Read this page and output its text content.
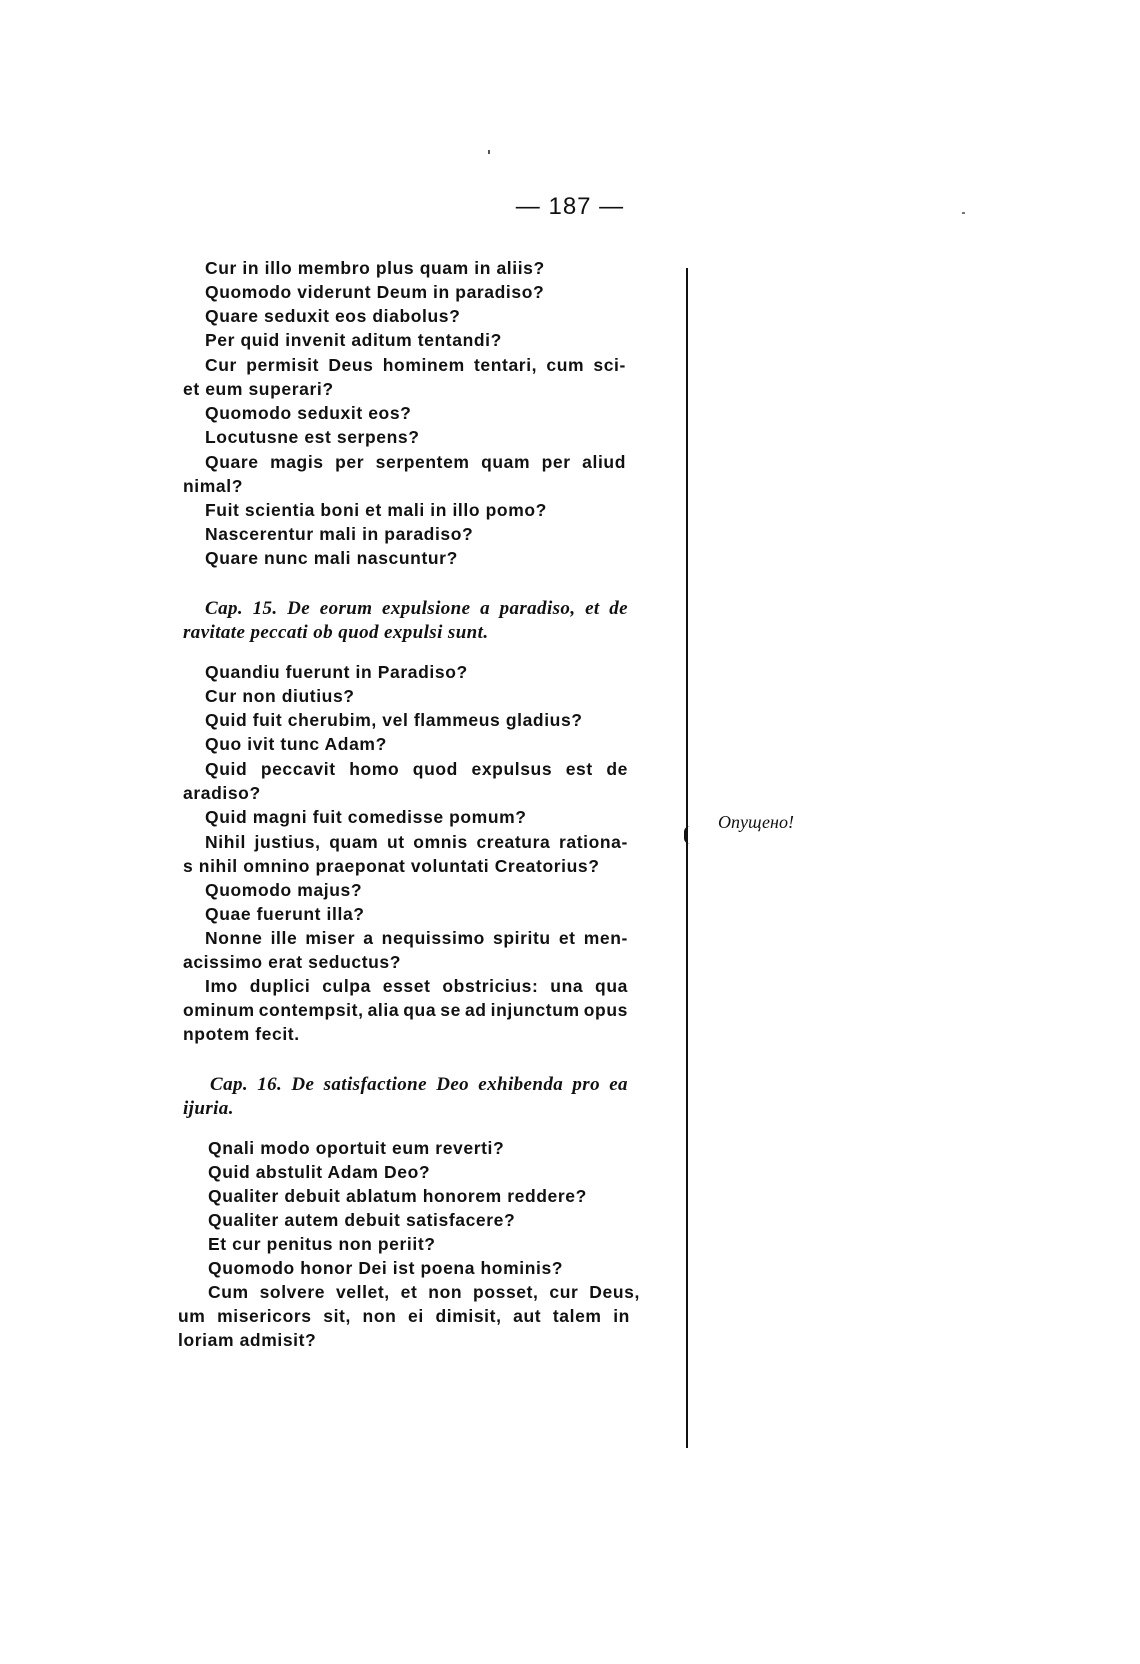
— 187 —
Cur in illo membro plus quam in aliis?
Quomodo viderunt Deum in paradiso?
Quare seduxit eos diabolus?
Per quid invenit aditum tentandi?
Cur permisit Deus hominem tentari, cum sci-
et eum superari?
Quomodo seduxit eos?
Locutusne est serpens?
Quare magis per serpentem quam per aliud
nimal?
Fuit scientia boni et mali in illo pomo?
Nascerentur mali in paradiso?
Quare nunc mali nascuntur?
Cap. 15. De eorum expulsione a paradiso, et de
ravitate peccati ob quod expulsi sunt.
Quandiu fuerunt in Paradiso?
Cur non diutius?
Quid fuit cherubim, vel flammeus gladius?
Quo ivit tunc Adam?
Quid peccavit homo quod expulsus est de
aradiso?
Quid magni fuit comedisse pomum?
Nihil justius, quam ut omnis creatura rationa-
s nihil omnino praeponat voluntati Creatorius?
Quomodo majus?
Quae fuerunt illa?
Nonne ille miser a nequissimo spiritu et men-
acissimo erat seductus?
Imo duplici culpa esset obstricius: una qua
ominum contempsit, alia qua se ad injunctum opus
npotem fecit.
Cap. 16. De satisfactione Deo exhibenda pro ea
ijuria.
Qnali modo oportuit eum reverti?
Quid abstulit Adam Deo?
Qualiter debuit ablatum honorem reddere?
Qualiter autem debuit satisfacere?
Et cur penitus non periit?
Quomodo honor Dei ist poena hominis?
Cum solvere vellet, et non posset, cur Deus,
um misericors sit, non ei dimisit, aut talem in
loriam admisit?
Опущено!
